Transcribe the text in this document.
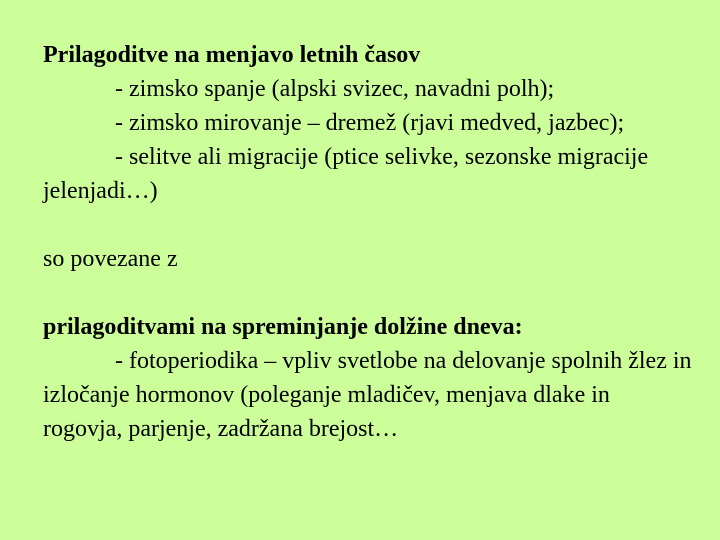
Prilagoditve na menjavo letnih časov

- zimsko spanje (alpski svizec, navadni polh);

- zimsko mirovanje – dremež (rjavi medved, jazbec);

- selitve ali migracije (ptice selivke, sezonske migracije jelenjadi…)

so povezane z

prilagoditvami na spreminjanje dolžine dneva:

- fotoperiodika – vpliv svetlobe na delovanje spolnih žlez in izločanje hormonov (poleganje mladičev, menjava dlake in rogovja, parjenje, zadržana brejost…
